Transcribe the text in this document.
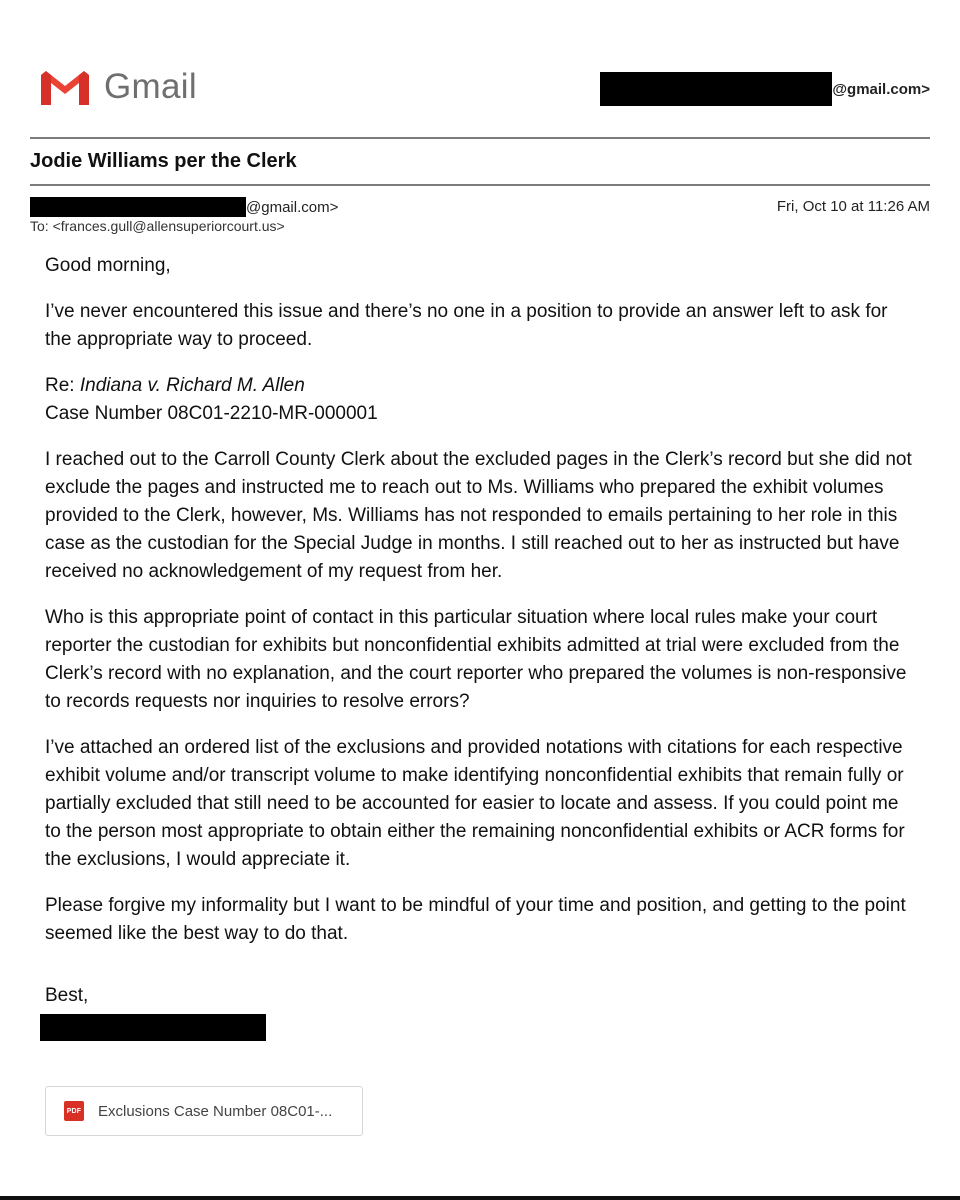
Gmail	@gmail.com>
Jodie Williams per the Clerk
@gmail.com>
To: <frances.gull@allensuperiorcourt.us>
Fri, Oct 10 at 11:26 AM

Good morning,

I’ve never encountered this issue and there’s no one in a position to provide an answer left to ask for the appropriate way to proceed.

Re: Indiana v. Richard M. Allen

Case Number 08C01-2210-MR-000001

I reached out to the Carroll County Clerk about the excluded pages in the Clerk’s record but she did not exclude the pages and instructed me to reach out to Ms. Williams who prepared the exhibit volumes provided to the Clerk, however, Ms. Williams has not responded to emails pertaining to her role in this case as the custodian for the Special Judge in months. I still reached out to her as instructed but have received no acknowledgement of my request from her.

Who is this appropriate point of contact in this particular situation where local rules make your court reporter the custodian for exhibits but nonconfidential exhibits admitted at trial were excluded from the Clerk’s record with no explanation, and the court reporter who prepared the volumes is non-responsive to records requests nor inquiries to resolve errors?

I’ve attached an ordered list of the exclusions and provided notations with citations for each respective exhibit volume and/or transcript volume to make identifying nonconfidential exhibits that remain fully or partially excluded that still need to be accounted for easier to locate and assess. If you could point me to the person most appropriate to obtain either the remaining nonconfidential exhibits or ACR forms for the exclusions, I would appreciate it.

Please forgive my informality but I want to be mindful of your time and position, and getting to the point seemed like the best way to do that.

Best,
PDF Exclusions Case Number 08C01-...
